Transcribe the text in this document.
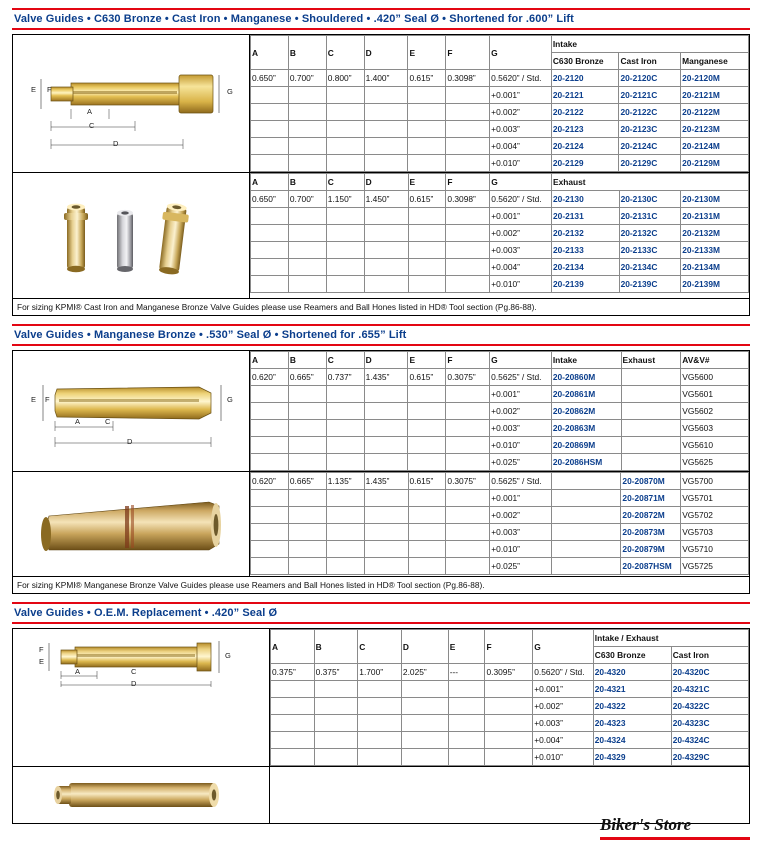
Valve Guides • C630 Bronze • Cast Iron • Manganese • Shouldered • .420” Seal Ø • Shortened for .600” Lift
E F	G
A
C
D

A	B	C	D	E	F	G	Intake
C630 Bronze	Cast Iron	Manganese
0.650”	0.700”	0.800”	1.400”	0.615”	0.3098”	0.5620” / Std.	20-2120	20-2120C	20-2120M
						+0.001”	20-2121	20-2121C	20-2121M
						+0.002”	20-2122	20-2122C	20-2122M
						+0.003”	20-2123	20-2123C	20-2123M
						+0.004”	20-2124	20-2124C	20-2124M
						+0.010”	20-2129	20-2129C	20-2129M

A	B	C	D	E	F	G	Exhaust
0.650”	0.700”	1.150”	1.450”	0.615”	0.3098”	0.5620” / Std.	20-2130	20-2130C	20-2130M
						+0.001”	20-2131	20-2131C	20-2131M
						+0.002”	20-2132	20-2132C	20-2132M
						+0.003”	20-2133	20-2133C	20-2133M
						+0.004”	20-2134	20-2134C	20-2134M
						+0.010”	20-2139	20-2139C	20-2139M
For sizing KPMI® Cast Iron and Manganese Bronze Valve Guides please use Reamers and Ball Hones listed in HD® Tool section (Pg.86-88).
Valve Guides • Manganese Bronze • .530” Seal Ø • Shortened for .655” Lift
E F	G
A	C
D

A	B	C	D	E	F	G	Intake	Exhaust	AV&V#
0.620”	0.665”	0.737”	1.435”	0.615”	0.3075”	0.5625” / Std.	20-20860M		VG5600
						+0.001”	20-20861M		VG5601
						+0.002”	20-20862M		VG5602
						+0.003”	20-20863M		VG5603
						+0.010”	20-20869M		VG5610
						+0.025”	20-2086HSM		VG5625

0.620”	0.665”	1.135”	1.435”	0.615”	0.3075”	0.5625” / Std.		20-20870M	VG5700
						+0.001”		20-20871M	VG5701
						+0.002”		20-20872M	VG5702
						+0.003”		20-20873M	VG5703
						+0.010”		20-20879M	VG5710
						+0.025”		20-2087HSM	VG5725
For sizing KPMI® Manganese Bronze Valve Guides please use Reamers and Ball Hones listed in HD® Tool section (Pg.86-88).
Valve Guides • O.E.M. Replacement • .420” Seal Ø
F
E
G
A	C
D

A	B	C	D	E	F	G	Intake / Exhaust
C630 Bronze	Cast Iron
0.375”	0.375”	1.700”	2.025”	---	0.3095”	0.5620” / Std.	20-4320	20-4320C
						+0.001”	20-4321	20-4321C
						+0.002”	20-4322	20-4322C
						+0.003”	20-4323	20-4323C
						+0.004”	20-4324	20-4324C
						+0.010”	20-4329	20-4329C

Biker's Store
